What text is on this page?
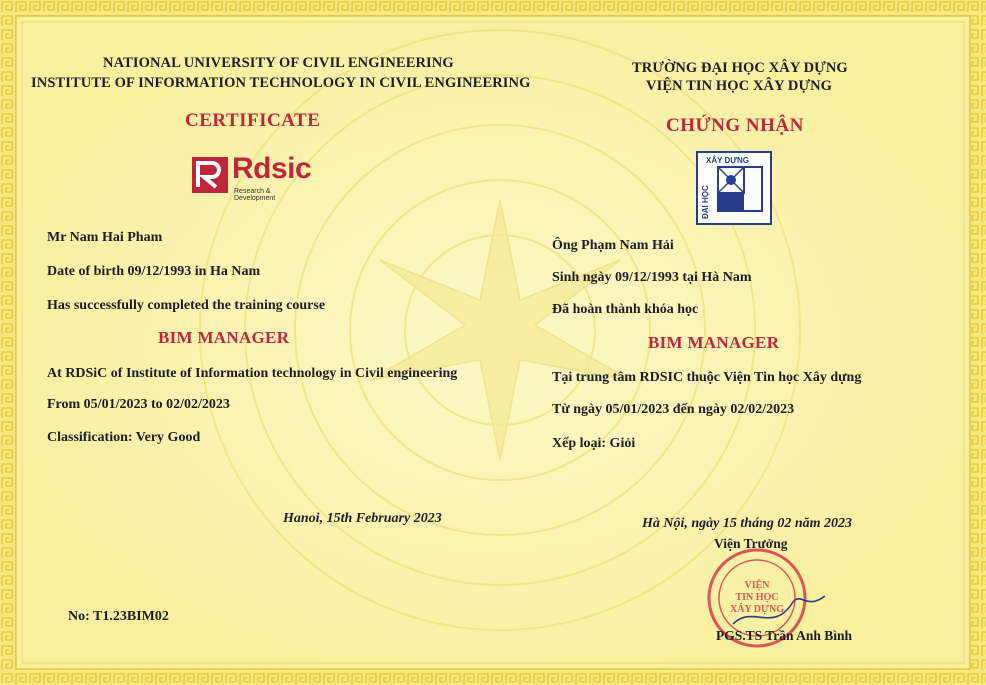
NATIONAL UNIVERSITY OF CIVIL ENGINEERING
INSTITUTE OF INFORMATION TECHNOLOGY IN CIVIL ENGINEERING
CERTIFICATE
Rdsic
Research & Development
Mr Nam Hai Pham
Date of birth 09/12/1993 in Ha Nam
Has successfully completed the training course
BIM MANAGER
At RDSiC of Institute of Information technology in Civil engineering
From 05/01/2023 to 02/02/2023
Classification: Very Good
Hanoi, 15th February 2023
No: T1.23BIM02
TRƯỜNG ĐẠI HỌC XÂY DỰNG
VIỆN TIN HỌC XÂY DỰNG
CHỨNG NHẬN
XÂY DỰNG
ĐẠI HỌC
Ông Phạm Nam Hải
Sinh ngày 09/12/1993 tại Hà Nam
Đã hoàn thành khóa học
BIM MANAGER
Tại trung tâm RDSIC thuộc Viện Tin học Xây dựng
Từ ngày 05/01/2023 đến ngày 02/02/2023
Xếp loại: Giỏi
Hà Nội, ngày 15 tháng 02 năm 2023
VIỆN
TIN HỌC
XÂY DỰNG
Viện Trưởng
PGS.TS Trần Anh Bình
